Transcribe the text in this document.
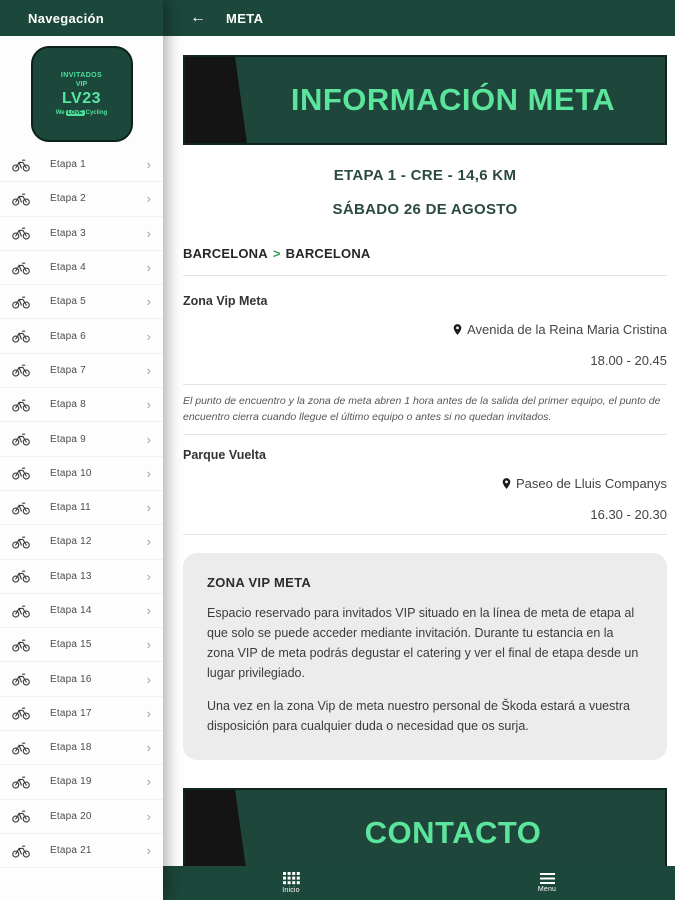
← META
INFORMACIÓN META
ETAPA 1 - CRE - 14,6 KM
SÁBADO 26 DE AGOSTO
BARCELONA > BARCELONA
Zona Vip Meta
Avenida de la Reina Maria Cristina
18.00 - 20.45
El punto de encuentro y la zona de meta abren 1 hora antes de la salida del primer equipo, el punto de encuentro cierra cuando llegue el último equipo o antes si no quedan invitados.
Parque Vuelta
Paseo de Lluis Companys
16.30 - 20.30
ZONA VIP META

Espacio reservado para invitados VIP situado en la línea de meta de etapa al que solo se puede acceder mediante invitación. Durante tu estancia en la zona VIP de meta podrás degustar el catering y ver el final de etapa desde un lugar privilegiado.

Una vez en la zona Vip de meta nuestro personal de Škoda estará a vuestra disposición para cualquier duda o necesidad que os surja.

CONTACTO
Inicio	Menu
Navegación
INVITADOS
VIP
LV23
We LOVE Cycling
Etapa 1	›
Etapa 2	›
Etapa 3	›
Etapa 4	›
Etapa 5	›
Etapa 6	›
Etapa 7	›
Etapa 8	›
Etapa 9	›
Etapa 10	›
Etapa 11	›
Etapa 12	›
Etapa 13	›
Etapa 14	›
Etapa 15	›
Etapa 16	›
Etapa 17	›
Etapa 18	›
Etapa 19	›
Etapa 20	›
Etapa 21	›
